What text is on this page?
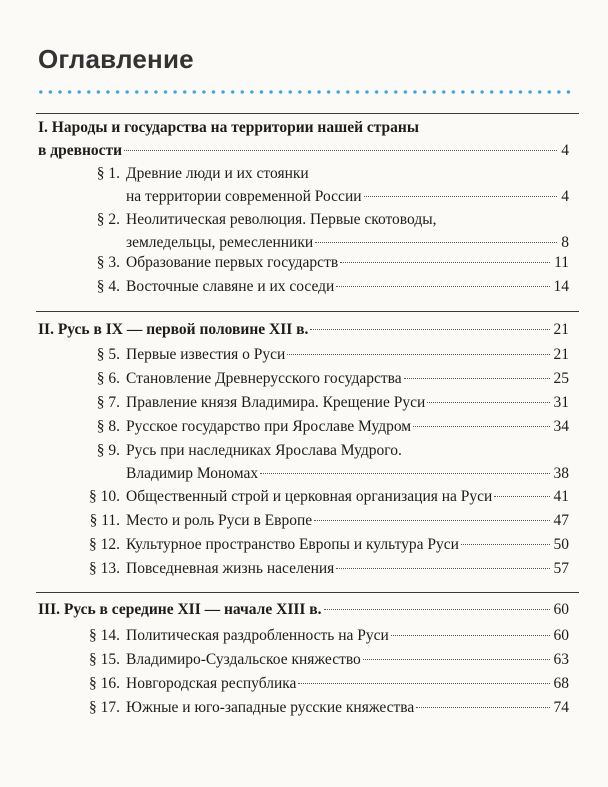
Оглавление
I. Народы и государства на территории нашей страны
в древности	4
§ 1. Древние люди и их стоянки
на территории современной России	4
§ 2. Неолитическая революция. Первые скотоводы,
земледельцы, ремесленники	8
§ 3. Образование первых государств	11
§ 4. Восточные славяне и их соседи	14
II. Русь в IX — первой половине XII в.	21
§ 5. Первые известия о Руси	21
§ 6. Становление Древнерусского государства	25
§ 7. Правление князя Владимира. Крещение Руси	31
§ 8. Русское государство при Ярославе Мудром	34
§ 9. Русь при наследниках Ярослава Мудрого.
Владимир Мономах	38
§ 10. Общественный строй и церковная организация на Руси	41
§ 11. Место и роль Руси в Европе	47
§ 12. Культурное пространство Европы и культура Руси	50
§ 13. Повседневная жизнь населения	57
III. Русь в середине XII — начале XIII в.	60
§ 14. Политическая раздробленность на Руси	60
§ 15. Владимиро-Суздальское княжество	63
§ 16. Новгородская республика	68
§ 17. Южные и юго-западные русские княжества	74
